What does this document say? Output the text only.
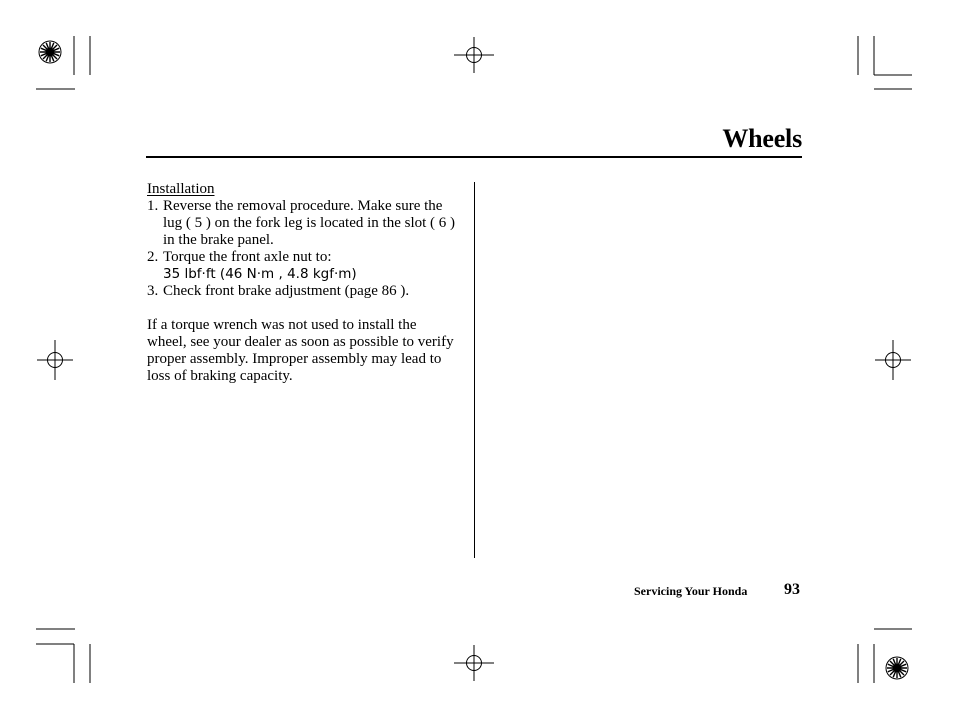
Wheels
Installation
1. Reverse the removal procedure. Make sure the lug ( 5 ) on the fork leg is located in the slot ( 6 ) in the brake panel.
2. Torque the front axle nut to:
35 lbf·ft (46 N·m , 4.8 kgf·m)
3. Check front brake adjustment (page 86 ).

If a torque wrench was not used to install the wheel, see your dealer as soon as possible to verify proper assembly. Improper assembly may lead to loss of braking capacity.

Servicing Your Honda 93
